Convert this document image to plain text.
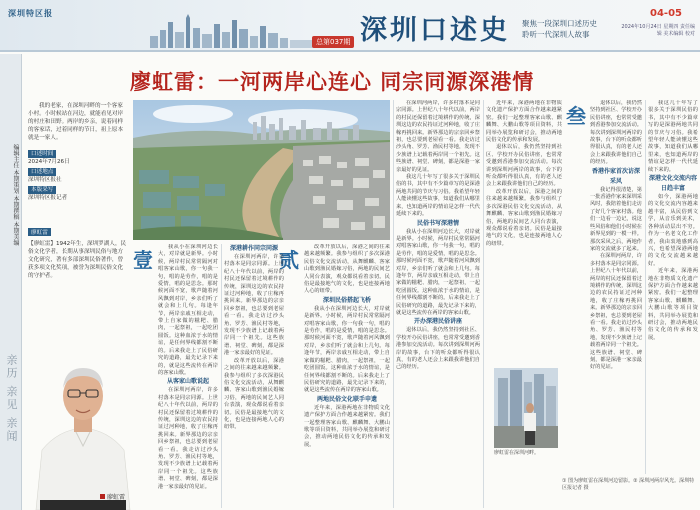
深圳特区报
总第037期 深圳口述史 聚焦一段深圳口述历史
聆听一代深圳人故事
04-05
2024年10月24日 星期四 责任编辑 美术编辑 校对
编辑主任 本期策划 本期撰稿 本期美编
亲历 亲见 亲闻
廖虹雷：一河两岸心连心 同宗同源深港情
我的老家，在深圳河畔的一个客家小村。小时候站在河边，就能看见对岸的村庄和田野。两岸的乡亲，说着同样的客家话，过着同样的节日，祖上原本就是一家人。
口述时间
2024年7月26日
口述地点
深圳特区报社
本版采写
深圳特区报记者
廖虹雷
【廖虹雷】1942年生，深圳罗湖人，民俗文化学者，长期从事深圳民俗与地方文化研究，著有多部深圳民俗著作，曾获多项文化奖项，被誉为深圳民俗文化的守护者。
廖虹雷
壹	贰
叁

我从小在深圳河边长大，对岸就是新界。小时候，两岸村民常常隔河对唱客家山歌，你一句我一句，唱的是劳作，唱的是爱情，唱的是思念。那时候河面不宽，歌声随着河风飘到对岸，乡亲们听了就会和上几句。每逢年节，两岸亲戚互相走动，带上自家做的糍粑、腊肉，一起祭祖，一起吃团圆饭。这种血浓于水的情谊，是任何界线都割不断的。后来我走上了民俗研究的道路，最先记录下来的，就是这些流传在两岸的客家山歌。

从客家山歌说起

在深圳河两岸，许多村落本是同宗同源。上世纪八十年代以前，两岸的村民还保留着过境耕作的传统，深圳这边的农民持证过河种地，收了庄稼再挑回来。新界那边的宗亲回乡祭祖，也总要到老屋看一看。我走访过沙头角、罗芳、渔民村等地，发现不少族谱上记载着两岸同一个祖先。这些族谱、祠堂、碑刻，都是深港一家亲最好的见证。

深港耕作同宗同源

在深圳河两岸，许多村落本是同宗同源。上世纪八十年代以前，两岸的村民还保留着过境耕作的传统，深圳这边的农民持证过河种地，收了庄稼再挑回来。新界那边的宗亲回乡祭祖，也总要到老屋看一看。我走访过沙头角、罗芳、渔民村等地，发现不少族谱上记载着两岸同一个祖先。这些族谱、祠堂、碑刻，都是深港一家亲最好的见证。

改革开放以后，深港之间的往来越来越频繁。我参与组织了多次深港民俗文化交流活动，从舞麒麟、客家山歌到渔民婚嫁习俗，两地的民间艺人同台表演，观众都说看着亲切。民俗是最接地气的文化，也是连接两地人心的纽带。

改革开放以后，深港之间的往来越来越频繁。我参与组织了多次深港民俗文化交流活动，从舞麒麟、客家山歌到渔民婚嫁习俗，两地的民间艺人同台表演，观众都说看着亲切。民俗是最接地气的文化，也是连接两地人心的纽带。

深圳民俗搭起飞桥

我从小在深圳河边长大，对岸就是新界。小时候，两岸村民常常隔河对唱客家山歌，你一句我一句，唱的是劳作，唱的是爱情，唱的是思念。那时候河面不宽，歌声随着河风飘到对岸，乡亲们听了就会和上几句。每逢年节，两岸亲戚互相走动，带上自家做的糍粑、腊肉，一起祭祖，一起吃团圆饭。这种血浓于水的情谊，是任何界线都割不断的。后来我走上了民俗研究的道路，最先记录下来的，就是这些流传在两岸的客家山歌。

两地民俗文化联手申遗

近年来，深港两地在非物质文化遗产保护方面合作越来越紧密。我们一起整理客家山歌、麒麟舞、大鹏山歌等项目资料，共同举办展览和研讨会，推动两地民俗文化的传承和发展。

在深圳河两岸，许多村落本是同宗同源。上世纪八十年代以前，两岸的村民还保留着过境耕作的传统，深圳这边的农民持证过河种地，收了庄稼再挑回来。新界那边的宗亲回乡祭祖，也总要到老屋看一看。我走访过沙头角、罗芳、渔民村等地，发现不少族谱上记载着两岸同一个祖先。这些族谱、祠堂、碑刻，都是深港一家亲最好的见证。

我这几十年写了很多关于深圳民俗的书，其中有不少篇章写的是深港两地共同的节庆与习俗。我希望年轻人能读懂这些故事，知道我们从哪里来，也知道两岸的情谊是怎样一代代延续下来的。

民俗书写深港情

我从小在深圳河边长大，对岸就是新界。小时候，两岸村民常常隔河对唱客家山歌，你一句我一句，唱的是劳作，唱的是爱情，唱的是思念。那时候河面不宽，歌声随着河风飘到对岸，乡亲们听了就会和上几句。每逢年节，两岸亲戚互相走动，带上自家做的糍粑、腊肉，一起祭祖，一起吃团圆饭。这种血浓于水的情谊，是任何界线都割不断的。后来我走上了民俗研究的道路，最先记录下来的，就是这些流传在两岸的客家山歌。

开办深港民俗讲座

退休以后，我仍然坚持到社区、学校开办民俗讲座，也常常受邀到香港参加交流活动。每次讲到深圳河两岸的故事，台下的听众都听得很认真，有的老人还会上来跟我讲他们自己的经历。

近年来，深港两地在非物质文化遗产保护方面合作越来越紧密。我们一起整理客家山歌、麒麟舞、大鹏山歌等项目资料，共同举办展览和研讨会，推动两地民俗文化的传承和发展。

退休以后，我仍然坚持到社区、学校开办民俗讲座，也常常受邀到香港参加交流活动。每次讲到深圳河两岸的故事，台下的听众都听得很认真，有的老人还会上来跟我讲他们自己的经历。

改革开放以后，深港之间的往来越来越频繁。我参与组织了多次深港民俗文化交流活动，从舞麒麟、客家山歌到渔民婚嫁习俗，两地的民间艺人同台表演，观众都说看着亲切。民俗是最接地气的文化，也是连接两地人心的纽带。

廖虹雷在深圳河畔。

退休以后，我仍然坚持到社区、学校开办民俗讲座，也常常受邀到香港参加交流活动。每次讲到深圳河两岸的故事，台下的听众都听得很认真，有的老人还会上来跟我讲他们自己的经历。

香港作家首次访深采风

我记得很清楚，第一批香港作家来深圳采风时，我陪着他们走访了好几个客家村落。他们一边看一边记，说这些风俗和他们小时候在新界见到的一模一样。那次采风之后，两地作家的交流就多了起来。

在深圳河两岸，许多村落本是同宗同源。上世纪八十年代以前，两岸的村民还保留着过境耕作的传统，深圳这边的农民持证过河种地，收了庄稼再挑回来。新界那边的宗亲回乡祭祖，也总要到老屋看一看。我走访过沙头角、罗芳、渔民村等地，发现不少族谱上记载着两岸同一个祖先。这些族谱、祠堂、碑刻，都是深港一家亲最好的见证。

我这几十年写了很多关于深圳民俗的书，其中有不少篇章写的是深港两地共同的节庆与习俗。我希望年轻人能读懂这些故事，知道我们从哪里来，也知道两岸的情谊是怎样一代代延续下来的。

深港文化交流内容日趋丰富

如今，深港两地的文化交流内容越来越丰富，从民俗到文学，从音乐到美术，各种活动层出不穷。作为一名老文化工作者，我由衷地感到高兴，也希望深港两地的文化交流越来越好。

近年来，深港两地在非物质文化遗产保护方面合作越来越紧密。我们一起整理客家山歌、麒麟舞、大鹏山歌等项目资料，共同举办展览和研讨会，推动两地民俗文化的传承和发展。

① 图为廖虹雷在深圳河边留影。② 深圳河两岸风光。深圳特区报记者 摄
